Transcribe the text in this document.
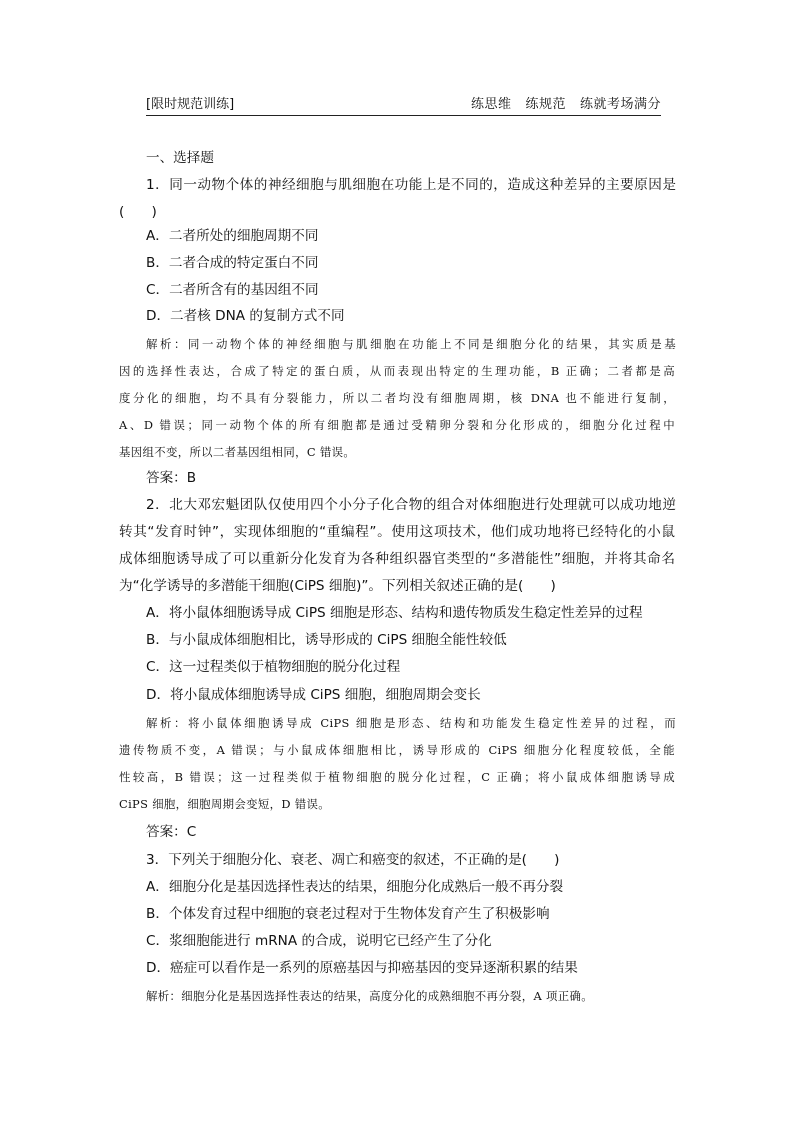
[限时规范训练]	练思维 练规范 练就考场满分
一、选择题
1．同一动物个体的神经细胞与肌细胞在功能上是不同的，造成这种差异的主要原因是
(　　)
A．二者所处的细胞周期不同
B．二者合成的特定蛋白不同
C．二者所含有的基因组不同
D．二者核 DNA 的复制方式不同
解析：同一动物个体的神经细胞与肌细胞在功能上不同是细胞分化的结果，其实质是基
因的选择性表达，合成了特定的蛋白质，从而表现出特定的生理功能，B 正确；二者都是高
度分化的细胞，均不具有分裂能力，所以二者均没有细胞周期，核 DNA 也不能进行复制，
A、D 错误；同一动物个体的所有细胞都是通过受精卵分裂和分化形成的，细胞分化过程中
基因组不变，所以二者基因组相同，C 错误。
答案：B
2．北大邓宏魁团队仅使用四个小分子化合物的组合对体细胞进行处理就可以成功地逆
转其“发育时钟”，实现体细胞的“重编程”。使用这项技术，他们成功地将已经特化的小鼠
成体细胞诱导成了可以重新分化发育为各种组织器官类型的“多潜能性”细胞，并将其命名
为“化学诱导的多潜能干细胞(CiPS 细胞)”。下列相关叙述正确的是(　　)
A．将小鼠体细胞诱导成 CiPS 细胞是形态、结构和遗传物质发生稳定性差异的过程
B．与小鼠成体细胞相比，诱导形成的 CiPS 细胞全能性较低
C．这一过程类似于植物细胞的脱分化过程
D．将小鼠成体细胞诱导成 CiPS 细胞，细胞周期会变长
解析：将小鼠体细胞诱导成 CiPS 细胞是形态、结构和功能发生稳定性差异的过程，而
遗传物质不变，A 错误；与小鼠成体细胞相比，诱导形成的 CiPS 细胞分化程度较低，全能
性较高，B 错误；这一过程类似于植物细胞的脱分化过程，C 正确；将小鼠成体细胞诱导成
CiPS 细胞，细胞周期会变短，D 错误。
答案：C
3．下列关于细胞分化、衰老、凋亡和癌变的叙述，不正确的是(　　)
A．细胞分化是基因选择性表达的结果，细胞分化成熟后一般不再分裂
B．个体发育过程中细胞的衰老过程对于生物体发育产生了积极影响
C．浆细胞能进行 mRNA 的合成，说明它已经产生了分化
D．癌症可以看作是一系列的原癌基因与抑癌基因的变异逐渐积累的结果
解析：细胞分化是基因选择性表达的结果，高度分化的成熟细胞不再分裂，A 项正确。
